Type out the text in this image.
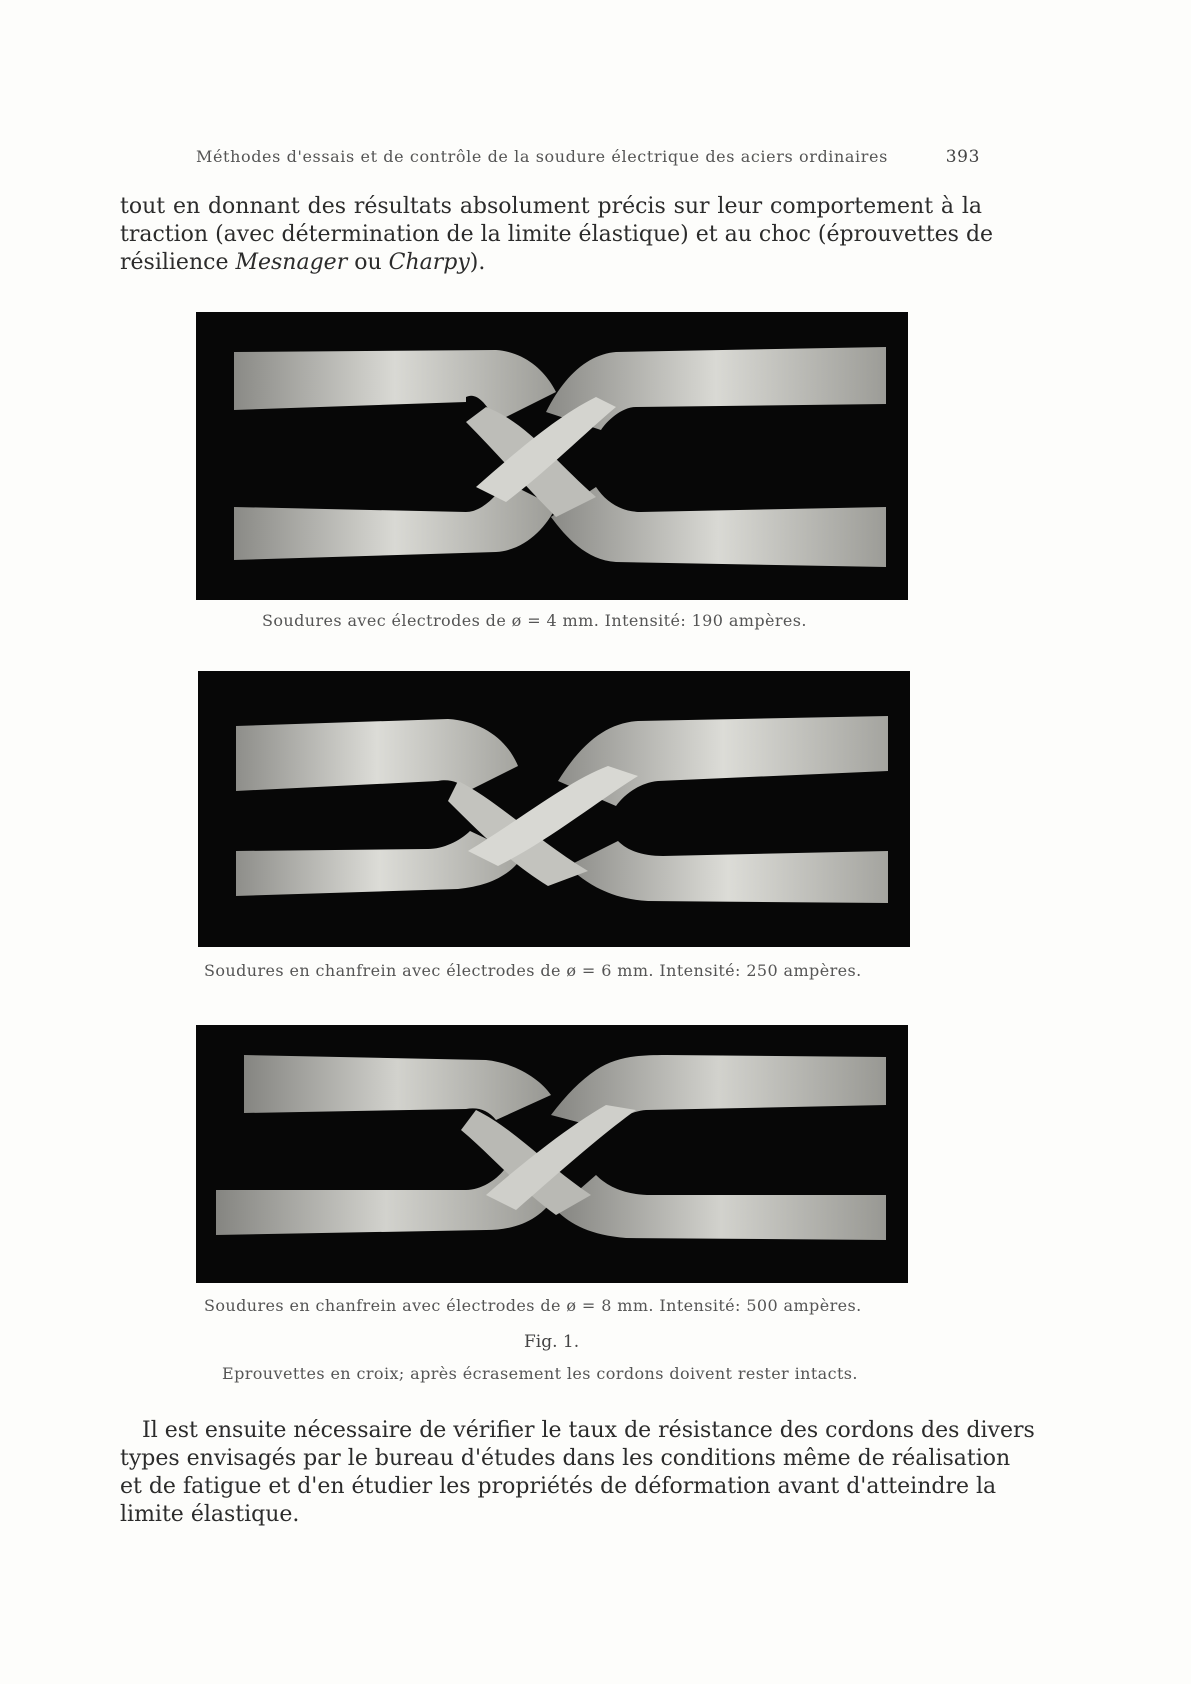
Méthodes d'essais et de contrôle de la soudure électrique des aciers ordinaires	393
tout en donnant des résultats absolument précis sur leur comportement à la
traction (avec détermination de la limite élastique) et au choc (éprouvettes de
résilience Mesnager ou Charpy).
Soudures avec électrodes de ø = 4 mm. Intensité: 190 ampères.
Soudures en chanfrein avec électrodes de ø = 6 mm. Intensité: 250 ampères.
Soudures en chanfrein avec électrodes de ø = 8 mm. Intensité: 500 ampères.
Fig. 1.
Eprouvettes en croix; après écrasement les cordons doivent rester intacts.
Il est ensuite nécessaire de vérifier le taux de résistance des cordons des divers
types envisagés par le bureau d'études dans les conditions même de réalisation
et de fatigue et d'en étudier les propriétés de déformation avant d'atteindre la
limite élastique.
